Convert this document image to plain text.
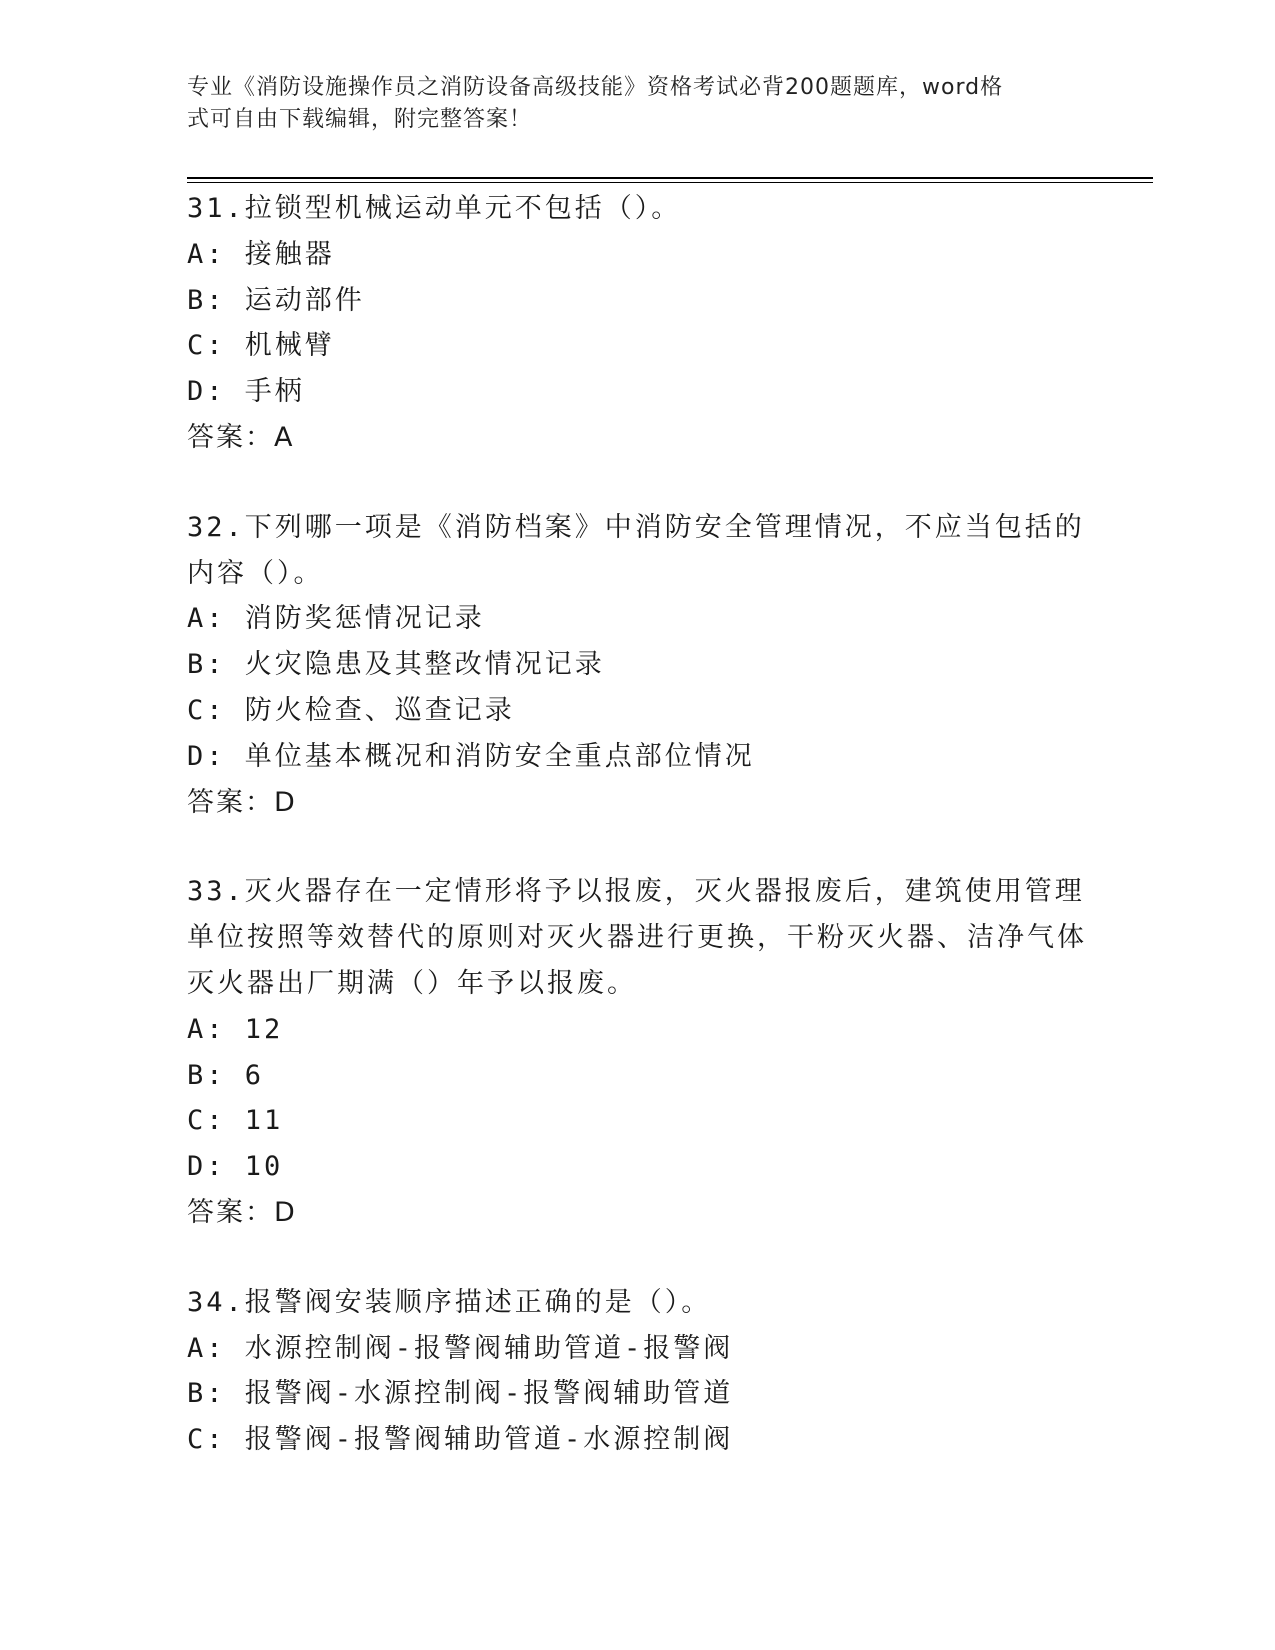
专业《消防设施操作员之消防设备高级技能》资格考试必背200题题库，word格
式可自由下载编辑，附完整答案！
31.拉锁型机械运动单元不包括（）。
A: 接触器
B: 运动部件
C: 机械臂
D: 手柄
答案：A
32.下列哪一项是《消防档案》中消防安全管理情况，不应当包括的内容（）。
A: 消防奖惩情况记录
B: 火灾隐患及其整改情况记录
C: 防火检查、巡查记录
D: 单位基本概况和消防安全重点部位情况
答案：D
33.灭火器存在一定情形将予以报废，灭火器报废后，建筑使用管理单位按照等效替代的原则对灭火器进行更换，干粉灭火器、洁净气体灭火器出厂期满（）年予以报废。
A: 12
B: 6
C: 11
D: 10
答案：D
34.报警阀安装顺序描述正确的是（）。
A: 水源控制阀-报警阀辅助管道-报警阀
B: 报警阀-水源控制阀-报警阀辅助管道
C: 报警阀-报警阀辅助管道-水源控制阀
